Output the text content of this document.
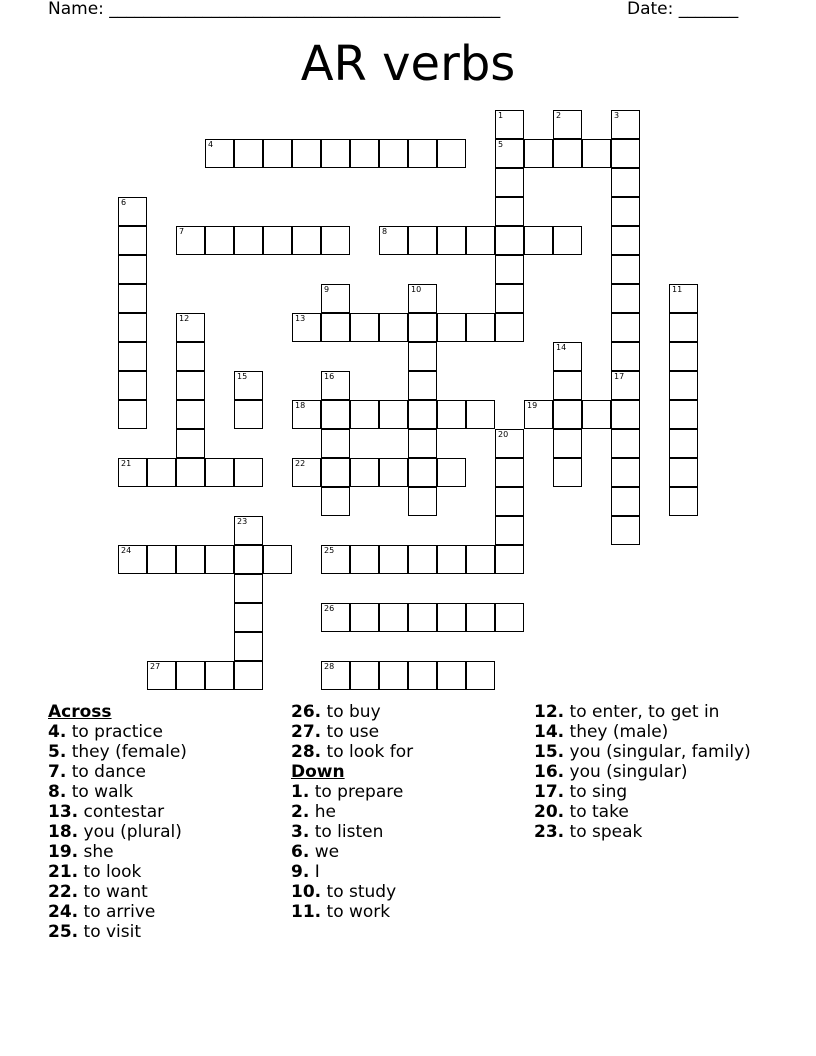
Name: ______________________________________________	Date: _______
AR verbs
1
5
2	3
4
6
7	8
9	10	11
12	13
14
15	16	17
18	19
20
21	22
23
24	25
26
27	28
Across
4. to practice
5. they (female)
7. to dance
8. to walk
13. contestar
18. you (plural)
19. she
21. to look
22. to want
24. to arrive
25. to visit
26. to buy
27. to use
28. to look for
Down
1. to prepare
2. he
3. to listen
6. we
9. I
10. to study
11. to work
12. to enter, to get in
14. they (male)
15. you (singular, family)
16. you (singular)
17. to sing
20. to take
23. to speak
